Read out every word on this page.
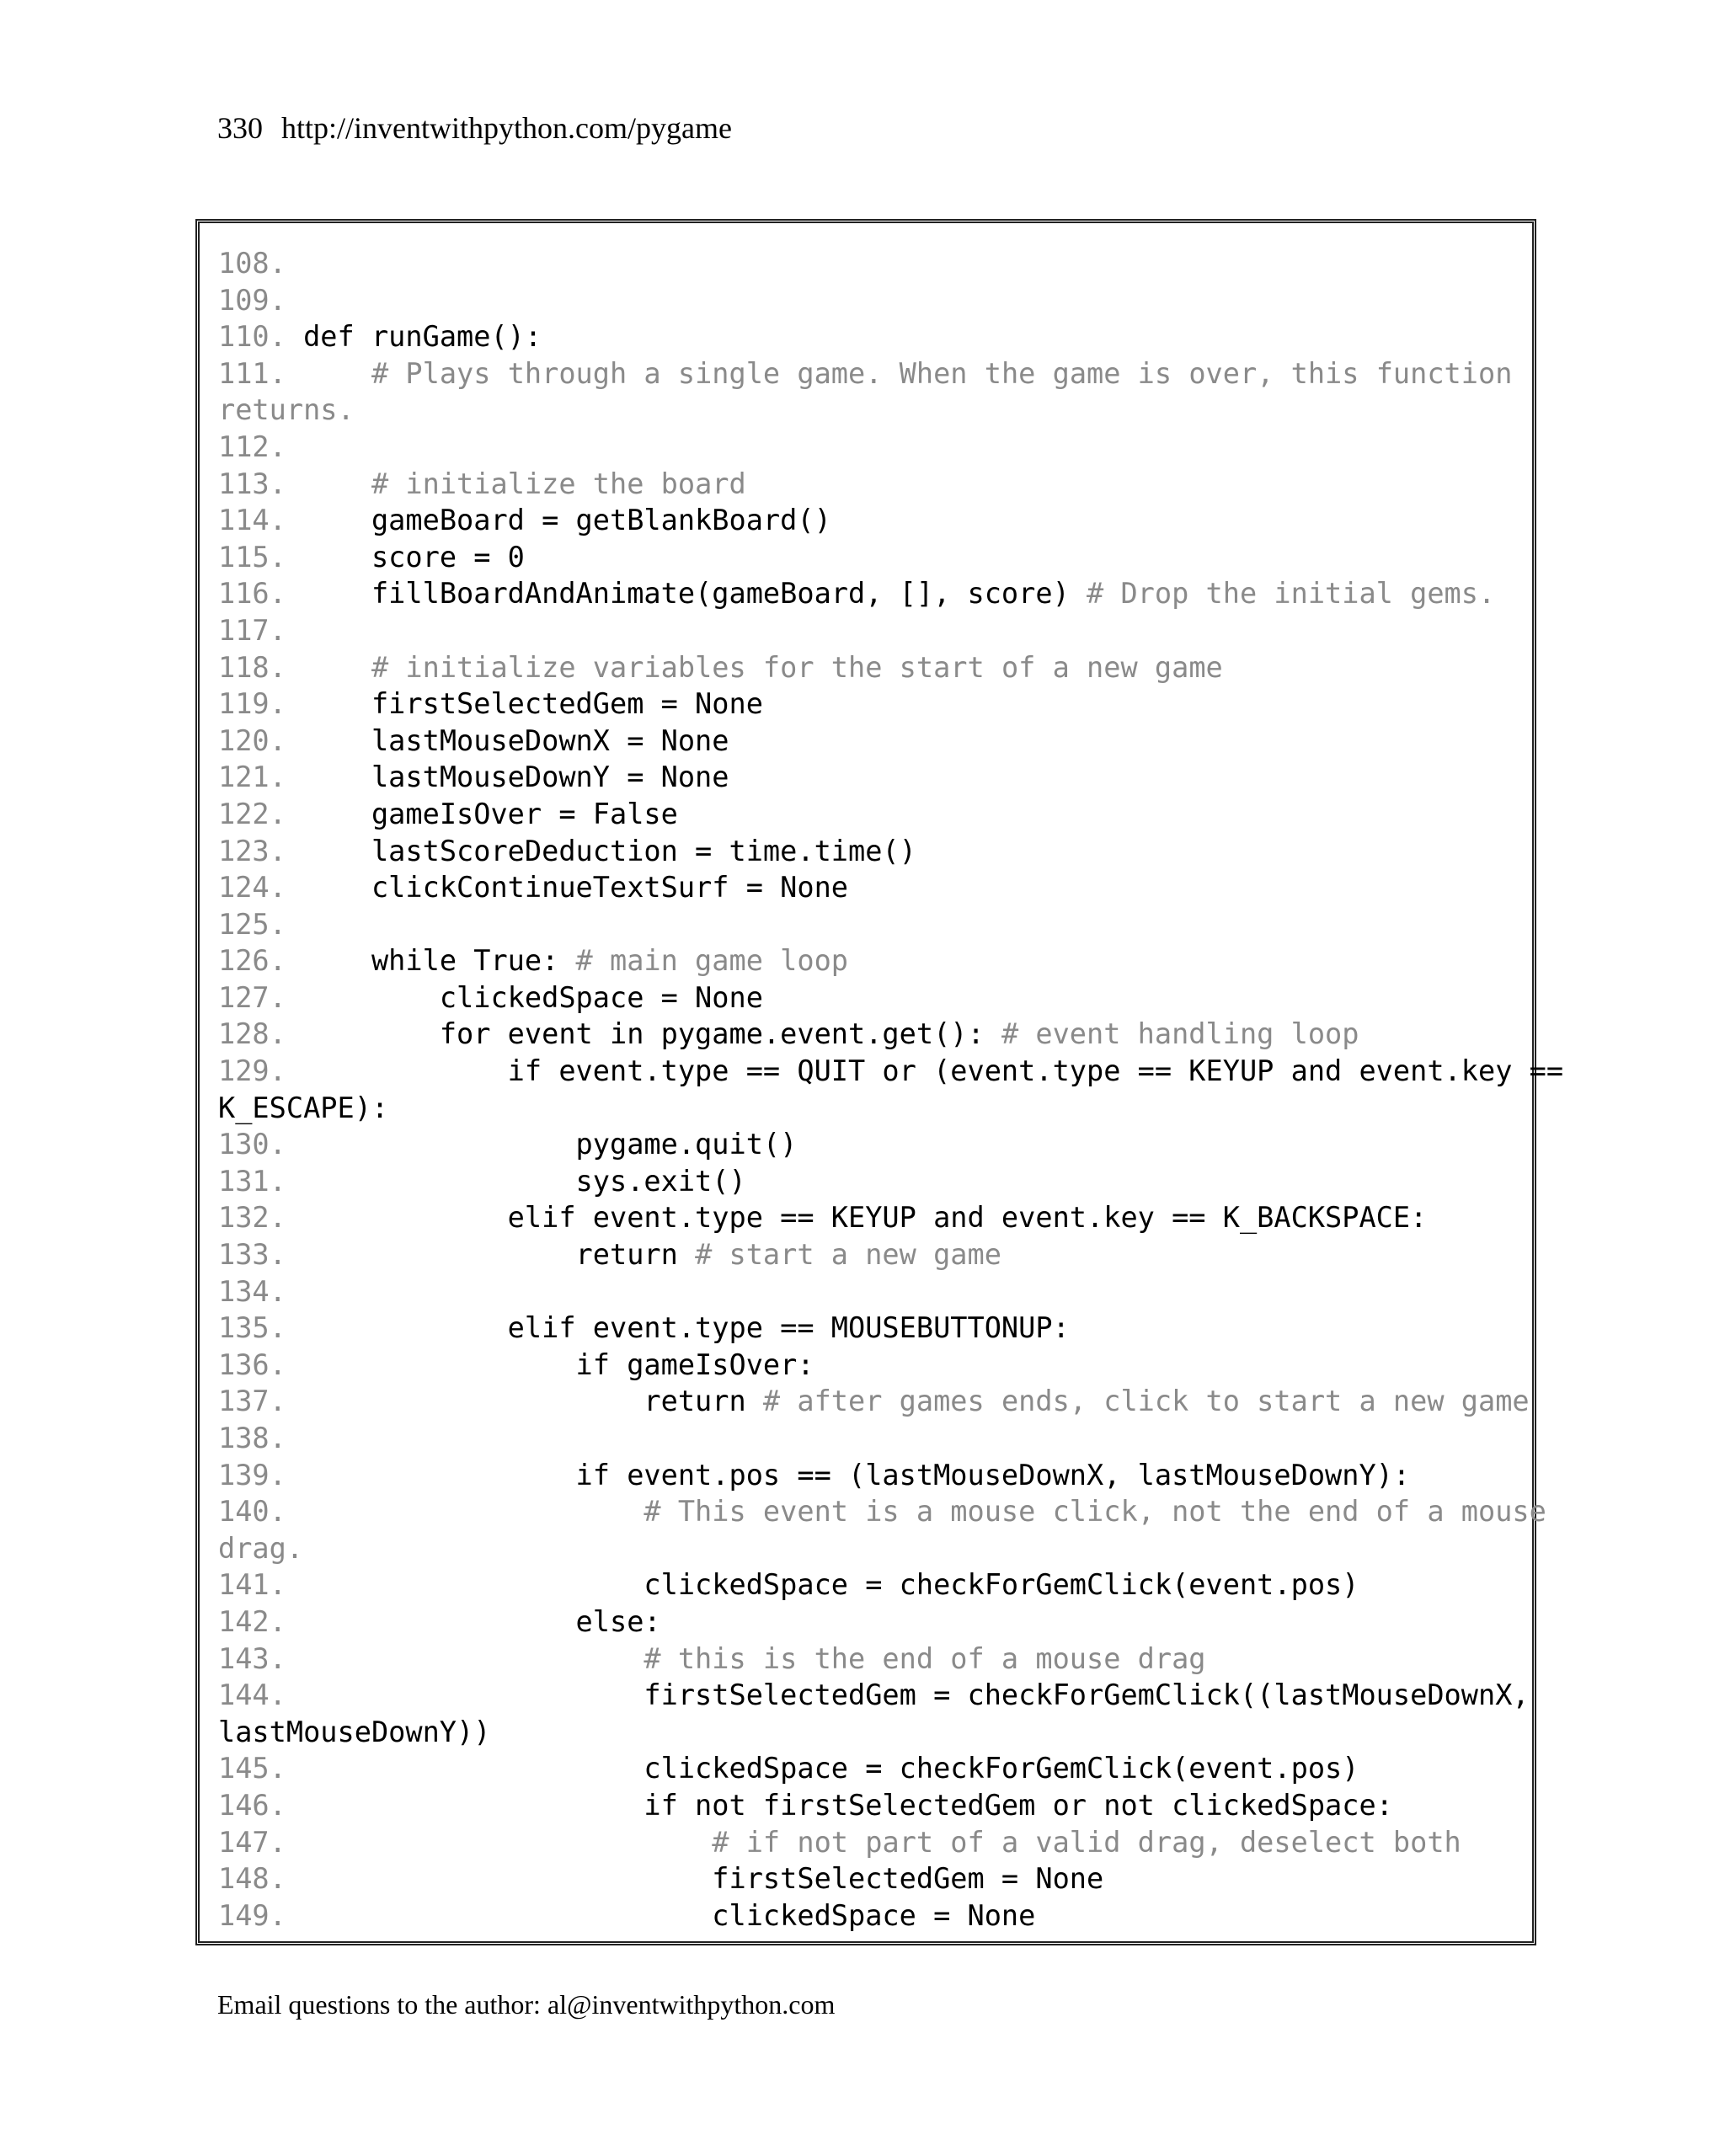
330 http://inventwithpython.com/pygame
108.
109.
110. def runGame():
111.	# Plays through a single game. When the game is over, this function
returns.
112.
113.	# initialize the board
114.     gameBoard = getBlankBoard()
115.     score = 0
116.     fillBoardAndAnimate(gameBoard, [], score) # Drop the initial gems.
117.
118.	# initialize variables for the start of a new game
119.     firstSelectedGem = None
120.     lastMouseDownX = None
121.     lastMouseDownY = None
122.     gameIsOver = False
123.     lastScoreDeduction = time.time()
124.     clickContinueTextSurf = None
125.
126.     while True: # main game loop
127.         clickedSpace = None
128.         for event in pygame.event.get(): # event handling loop
129.             if event.type == QUIT or (event.type == KEYUP and event.key ==
K_ESCAPE):
130.                 pygame.quit()
131.                 sys.exit()
132.             elif event.type == KEYUP and event.key == K_BACKSPACE:
133.                 return # start a new game
134.
135.             elif event.type == MOUSEBUTTONUP:
136.                 if gameIsOver:
137.                     return # after games ends, click to start a new game
138.
139.                 if event.pos == (lastMouseDownX, lastMouseDownY):
140.	# This event is a mouse click, not the end of a mouse
drag.
141.                     clickedSpace = checkForGemClick(event.pos)
142.                 else:
143.	# this is the end of a mouse drag
144.                     firstSelectedGem = checkForGemClick((lastMouseDownX,
lastMouseDownY))
145.                     clickedSpace = checkForGemClick(event.pos)
146.                     if not firstSelectedGem or not clickedSpace:
147.	# if not part of a valid drag, deselect both
148.                         firstSelectedGem = None
149.                         clickedSpace = None
Email questions to the author: al@inventwithpython.com
